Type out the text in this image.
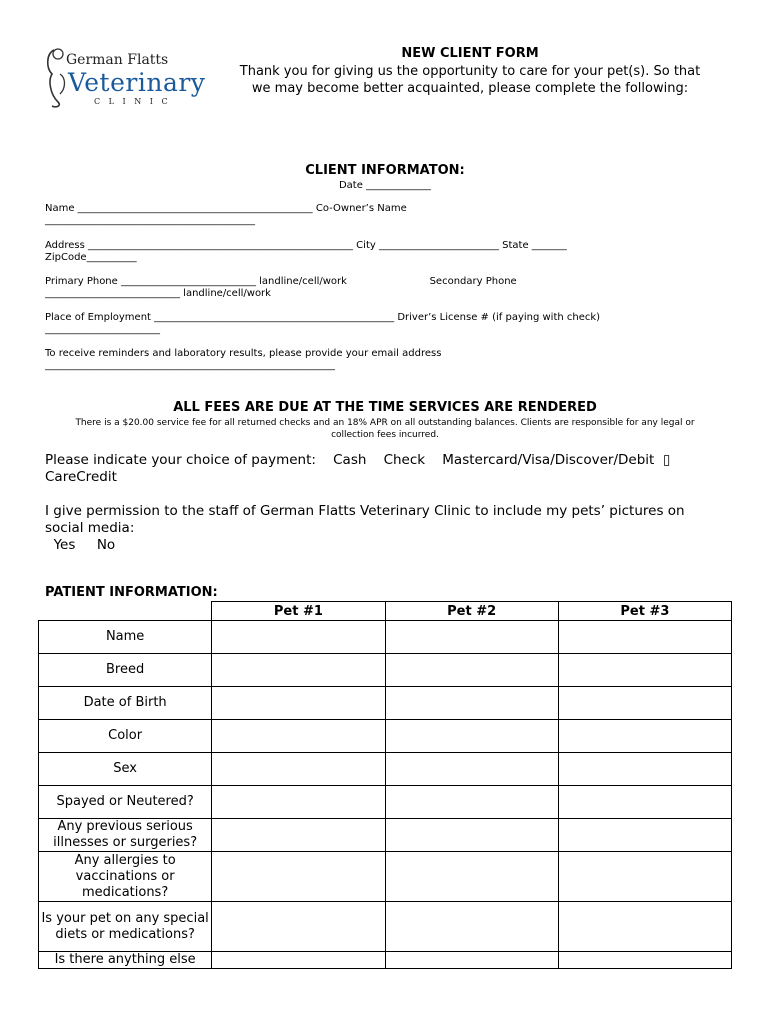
German Flatts
Veterinary
C L I N I C
NEW CLIENT FORM
Thank you for giving us the opportunity to care for your pet(s). So that
we may become better acquainted, please complete the following:
CLIENT INFORMATON:
Date _____________
Name _______________________________________________ Co-Owner’s Name
__________________________________________
Address _____________________________________________________ City ________________________ State _______
ZipCode__________
Primary Phone ___________________________ landline/cell/work                          Secondary Phone
___________________________ landline/cell/work
Place of Employment ________________________________________________ Driver’s License # (if paying with check)
_______________________
To receive reminders and laboratory results, please provide your email address
__________________________________________________________
ALL FEES ARE DUE AT THE TIME SERVICES ARE RENDERED
There is a $20.00 service fee for all returned checks and an 18% APR on all outstanding balances. Clients are responsible for any legal or collection fees incurred.
Please indicate your choice of payment:    Cash    Check    Mastercard/Visa/Discover/Debit  ▯
CareCredit
I give permission to the staff of German Flatts Veterinary Clinic to include my pets’ pictures on
social media:
Yes     No
PATIENT INFORMATION:
	Pet #1	Pet #2	Pet #3
Name			
Breed			
Date of Birth			
Color			
Sex			
Spayed or Neutered?			
Any previous serious illnesses or surgeries?			
Any allergies to vaccinations or medications?			
Is your pet on any special diets or medications?			
Is there anything else			
